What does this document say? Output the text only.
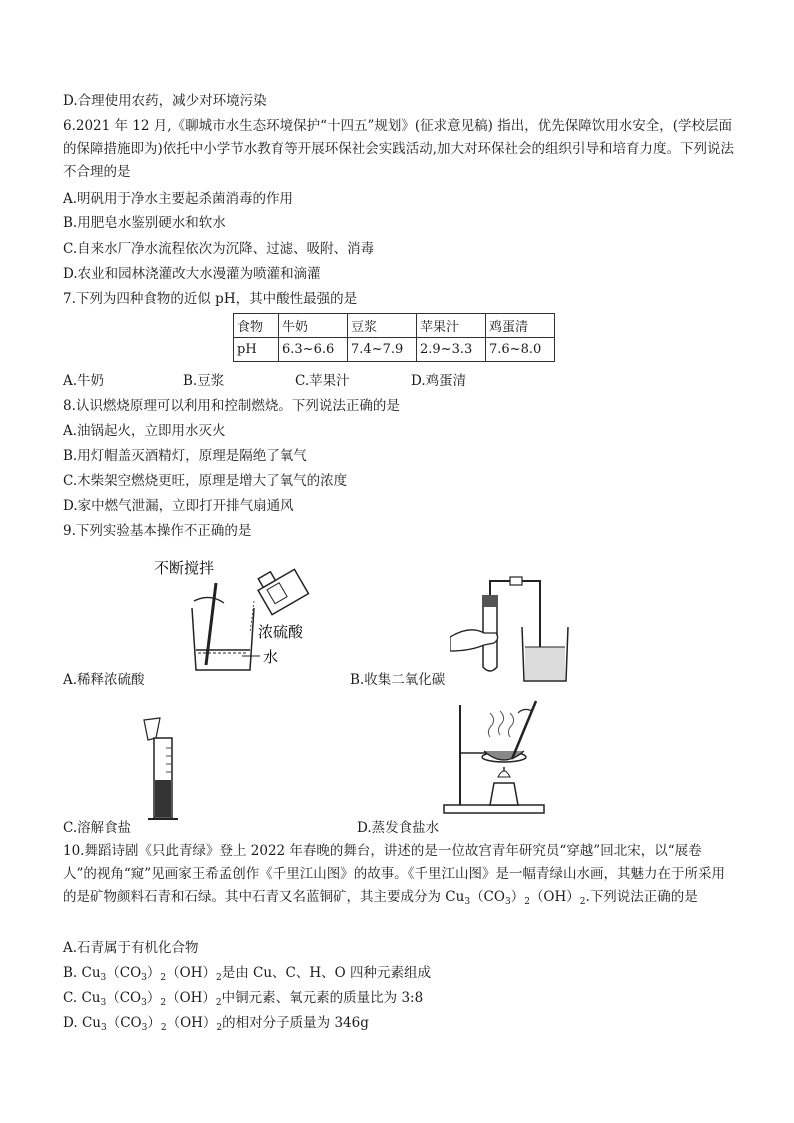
D.合理使用农药，减少对环境污染
6.2021 年 12 月,《聊城市水生态环境保护“十四五”规划》(征求意见稿) 指出，优先保障饮用水安全，(学校层面的保障措施即为)依托中小学节水教育等开展环保社会实践活动,加大对环保社会的组织引导和培育力度。下列说法不合理的是
A.明矾用于净水主要起杀菌消毒的作用
B.用肥皂水鉴别硬水和软水
C.自来水厂净水流程依次为沉降、过滤、吸附、消毒
D.农业和园林浇灌改大水漫灌为喷灌和滴灌
7.下列为四种食物的近似 pH，其中酸性最强的是
食物	牛奶	豆浆	苹果汁	鸡蛋清
pH	6.3~6.6	7.4~7.9	2.9~3.3	7.6~8.0
A.牛奶	B.豆浆	C.苹果汁	D.鸡蛋清
8.认识燃烧原理可以利用和控制燃烧。下列说法正确的是
A.油锅起火，立即用水灭火
B.用灯帽盖灭酒精灯，原理是隔绝了氧气
C.木柴架空燃烧更旺，原理是增大了氧气的浓度
D.家中燃气泄漏，立即打开排气扇通风
9.下列实验基本操作不正确的是
不断搅拌
浓硫酸
水
A.稀释浓硫酸	B.收集二氧化碳
C.溶解食盐	D.蒸发食盐水
10.舞蹈诗剧《只此青绿》登上 2022 年春晚的舞台，讲述的是一位故宫青年研究员“穿越”回北宋，以“展卷人”的视角“窥”见画家王希孟创作《千里江山图》的故事。《千里江山图》是一幅青绿山水画，其魅力在于所采用的是矿物颜料石青和石绿。其中石青又名蓝铜矿，其主要成分为 $Cu_3(CO_3)_2(OH)_2$.下列说法正确的是
A.石青属于有机化合物
B. $Cu_3(CO_3)_2(OH)_2$是由 Cu、C、H、O 四种元素组成
C. $Cu_3(CO_3)_2(OH)_2$中铜元素、氧元素的质量比为 3:8
D. $Cu_3(CO_3)_2(OH)_2$的相对分子质量为 346g
